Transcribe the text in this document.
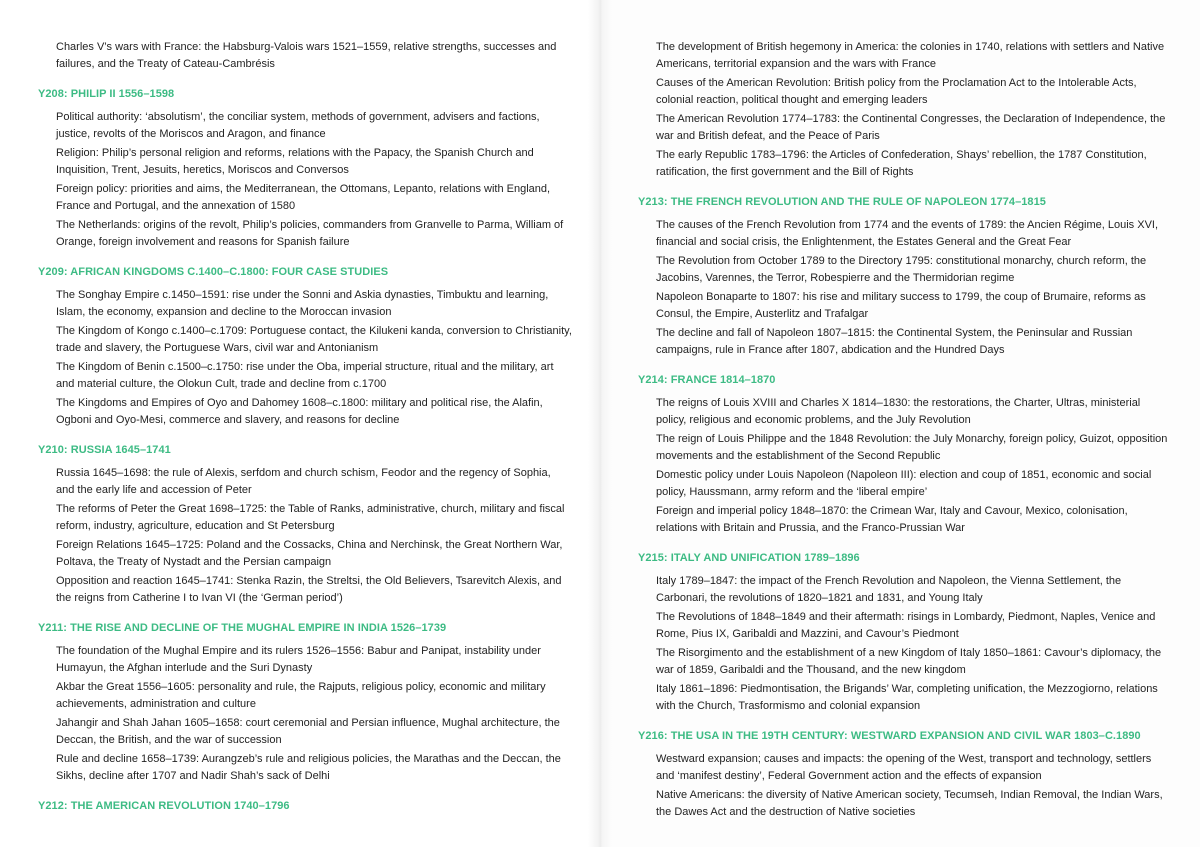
Charles V’s wars with France: the Habsburg-Valois wars 1521–1559, relative strengths, successes and failures, and the Treaty of Cateau-Cambrésis
Y208: PHILIP II 1556–1598
Political authority: ‘absolutism’, the conciliar system, methods of government, advisers and factions, justice, revolts of the Moriscos and Aragon, and finance
Religion: Philip’s personal religion and reforms, relations with the Papacy, the Spanish Church and Inquisition, Trent, Jesuits, heretics, Moriscos and Conversos
Foreign policy: priorities and aims, the Mediterranean, the Ottomans, Lepanto, relations with England, France and Portugal, and the annexation of 1580
The Netherlands: origins of the revolt, Philip’s policies, commanders from Granvelle to Parma, William of Orange, foreign involvement and reasons for Spanish failure
Y209: AFRICAN KINGDOMS C.1400–C.1800: FOUR CASE STUDIES
The Songhay Empire c.1450–1591: rise under the Sonni and Askia dynasties, Timbuktu and learning, Islam, the economy, expansion and decline to the Moroccan invasion
The Kingdom of Kongo c.1400–c.1709: Portuguese contact, the Kilukeni kanda, conversion to Christianity, trade and slavery, the Portuguese Wars, civil war and Antonianism
The Kingdom of Benin c.1500–c.1750: rise under the Oba, imperial structure, ritual and the military, art and material culture, the Olokun Cult, trade and decline from c.1700
The Kingdoms and Empires of Oyo and Dahomey 1608–c.1800: military and political rise, the Alafin, Ogboni and Oyo-Mesi, commerce and slavery, and reasons for decline
Y210: RUSSIA 1645–1741
Russia 1645–1698: the rule of Alexis, serfdom and church schism, Feodor and the regency of Sophia, and the early life and accession of Peter
The reforms of Peter the Great 1698–1725: the Table of Ranks, administrative, church, military and fiscal reform, industry, agriculture, education and St Petersburg
Foreign Relations 1645–1725: Poland and the Cossacks, China and Nerchinsk, the Great Northern War, Poltava, the Treaty of Nystadt and the Persian campaign
Opposition and reaction 1645–1741: Stenka Razin, the Streltsi, the Old Believers, Tsarevitch Alexis, and the reigns from Catherine I to Ivan VI (the ‘German period’)
Y211: THE RISE AND DECLINE OF THE MUGHAL EMPIRE IN INDIA 1526–1739
The foundation of the Mughal Empire and its rulers 1526–1556: Babur and Panipat, instability under Humayun, the Afghan interlude and the Suri Dynasty
Akbar the Great 1556–1605: personality and rule, the Rajputs, religious policy, economic and military achievements, administration and culture
Jahangir and Shah Jahan 1605–1658: court ceremonial and Persian influence, Mughal architecture, the Deccan, the British, and the war of succession
Rule and decline 1658–1739: Aurangzeb’s rule and religious policies, the Marathas and the Deccan, the Sikhs, decline after 1707 and Nadir Shah’s sack of Delhi
Y212: THE AMERICAN REVOLUTION 1740–1796
The development of British hegemony in America: the colonies in 1740, relations with settlers and Native Americans, territorial expansion and the wars with France
Causes of the American Revolution: British policy from the Proclamation Act to the Intolerable Acts, colonial reaction, political thought and emerging leaders
The American Revolution 1774–1783: the Continental Congresses, the Declaration of Independence, the war and British defeat, and the Peace of Paris
The early Republic 1783–1796: the Articles of Confederation, Shays’ rebellion, the 1787 Constitution, ratification, the first government and the Bill of Rights
Y213: THE FRENCH REVOLUTION AND THE RULE OF NAPOLEON 1774–1815
The causes of the French Revolution from 1774 and the events of 1789: the Ancien Régime, Louis XVI, financial and social crisis, the Enlightenment, the Estates General and the Great Fear
The Revolution from October 1789 to the Directory 1795: constitutional monarchy, church reform, the Jacobins, Varennes, the Terror, Robespierre and the Thermidorian regime
Napoleon Bonaparte to 1807: his rise and military success to 1799, the coup of Brumaire, reforms as Consul, the Empire, Austerlitz and Trafalgar
The decline and fall of Napoleon 1807–1815: the Continental System, the Peninsular and Russian campaigns, rule in France after 1807, abdication and the Hundred Days
Y214: FRANCE 1814–1870
The reigns of Louis XVIII and Charles X 1814–1830: the restorations, the Charter, Ultras, ministerial policy, religious and economic problems, and the July Revolution
The reign of Louis Philippe and the 1848 Revolution: the July Monarchy, foreign policy, Guizot, opposition movements and the establishment of the Second Republic
Domestic policy under Louis Napoleon (Napoleon III): election and coup of 1851, economic and social policy, Haussmann, army reform and the ‘liberal empire’
Foreign and imperial policy 1848–1870: the Crimean War, Italy and Cavour, Mexico, colonisation, relations with Britain and Prussia, and the Franco-Prussian War
Y215: ITALY AND UNIFICATION 1789–1896
Italy 1789–1847: the impact of the French Revolution and Napoleon, the Vienna Settlement, the Carbonari, the revolutions of 1820–1821 and 1831, and Young Italy
The Revolutions of 1848–1849 and their aftermath: risings in Lombardy, Piedmont, Naples, Venice and Rome, Pius IX, Garibaldi and Mazzini, and Cavour’s Piedmont
The Risorgimento and the establishment of a new Kingdom of Italy 1850–1861: Cavour’s diplomacy, the war of 1859, Garibaldi and the Thousand, and the new kingdom
Italy 1861–1896: Piedmontisation, the Brigands’ War, completing unification, the Mezzogiorno, relations with the Church, Trasformismo and colonial expansion
Y216: THE USA IN THE 19TH CENTURY: WESTWARD EXPANSION AND CIVIL WAR 1803–C.1890
Westward expansion; causes and impacts: the opening of the West, transport and technology, settlers and ‘manifest destiny’, Federal Government action and the effects of expansion
Native Americans: the diversity of Native American society, Tecumseh, Indian Removal, the Indian Wars, the Dawes Act and the destruction of Native societies
